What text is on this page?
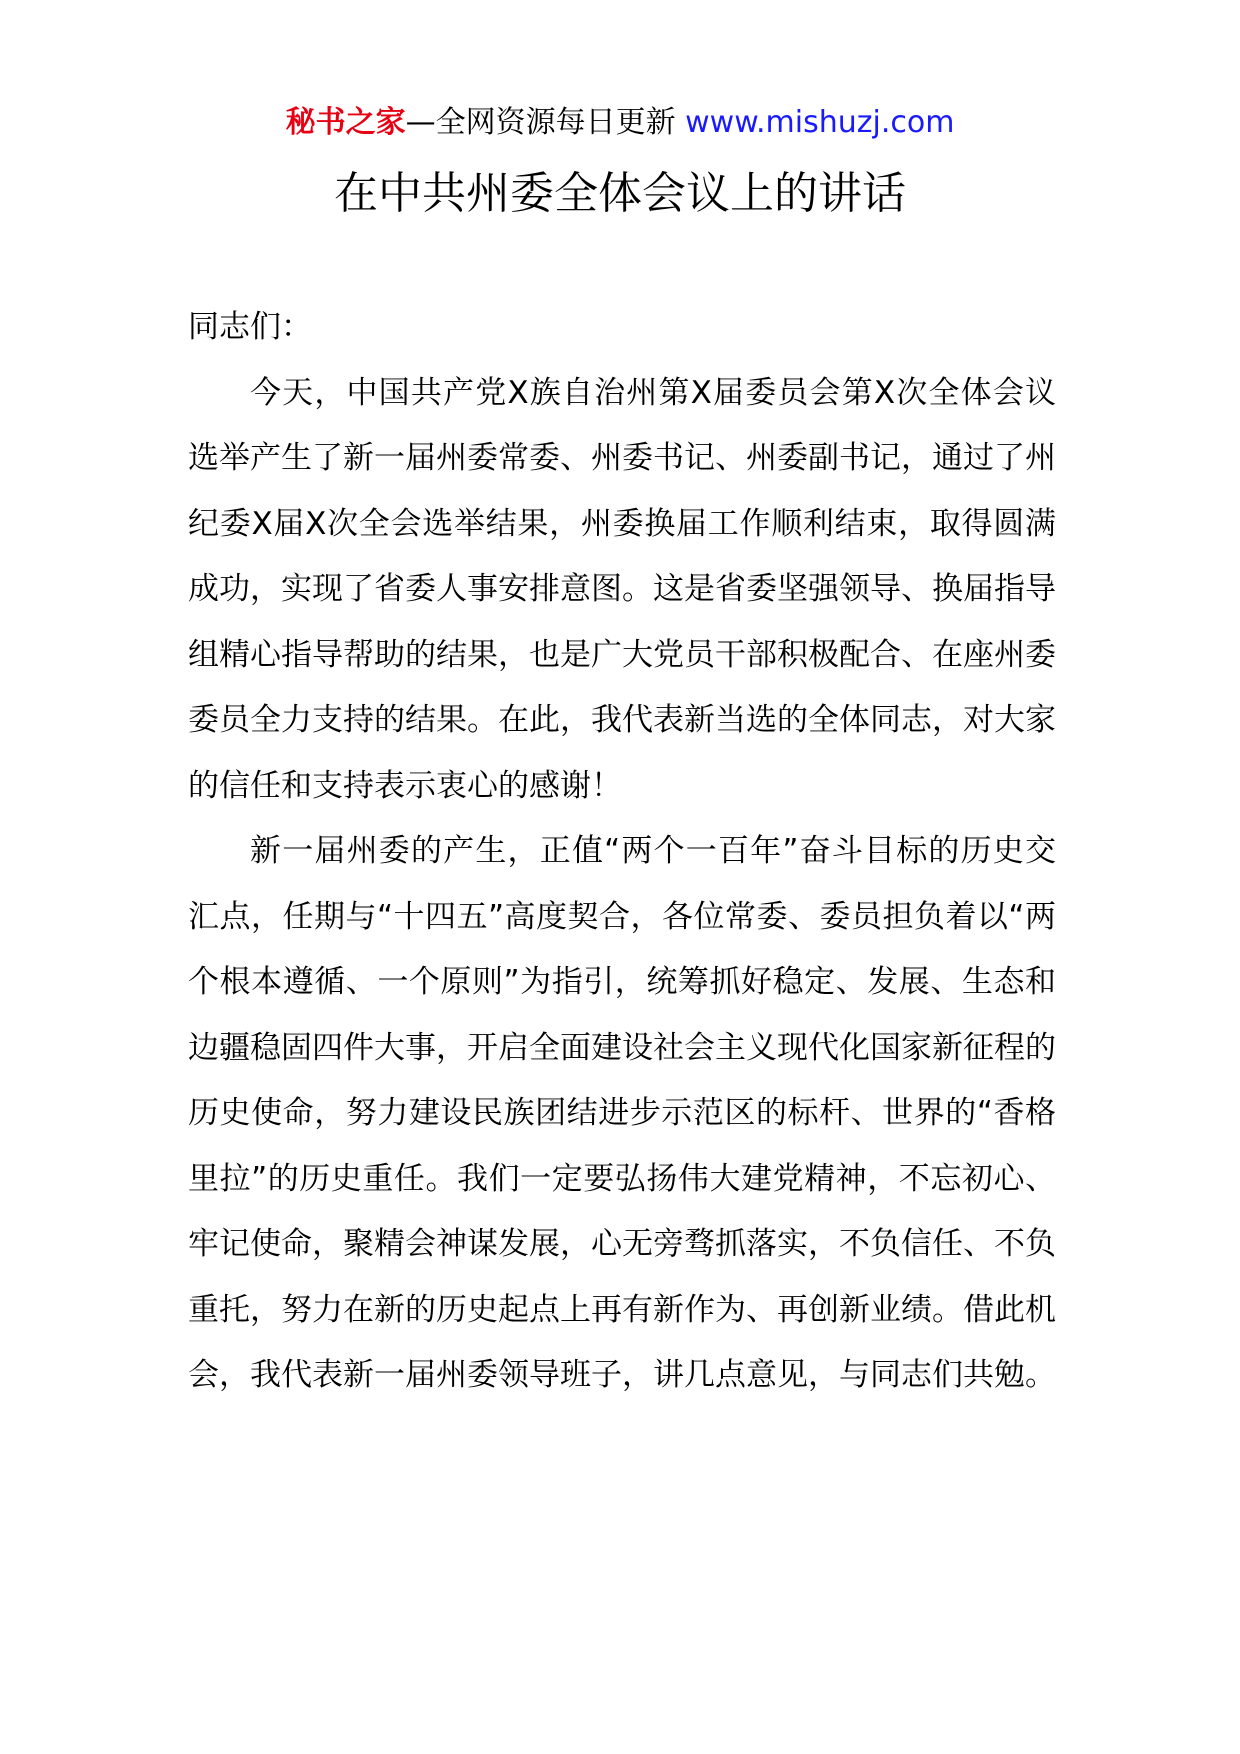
秘书之家—全网资源每日更新 www.mishuzj.com
在中共州委全体会议上的讲话

同志们：

今天，中国共产党X族自治州第X届委员会第X次全体会议选举产生了新一届州委常委、州委书记、州委副书记，通过了州纪委X届X次全会选举结果，州委换届工作顺利结束，取得圆满成功，实现了省委人事安排意图。这是省委坚强领导、换届指导组精心指导帮助的结果，也是广大党员干部积极配合、在座州委委员全力支持的结果。在此，我代表新当选的全体同志，对大家的信任和支持表示衷心的感谢！

新一届州委的产生，正值“两个一百年”奋斗目标的历史交汇点，任期与“十四五”高度契合，各位常委、委员担负着以“两个根本遵循、一个原则”为指引，统筹抓好稳定、发展、生态和边疆稳固四件大事，开启全面建设社会主义现代化国家新征程的历史使命，努力建设民族团结进步示范区的标杆、世界的“香格里拉”的历史重任。我们一定要弘扬伟大建党精神，不忘初心、牢记使命，聚精会神谋发展，心无旁骛抓落实，不负信任、不负重托，努力在新的历史起点上再有新作为、再创新业绩。借此机会，我代表新一届州委领导班子，讲几点意见，与同志们共勉。
